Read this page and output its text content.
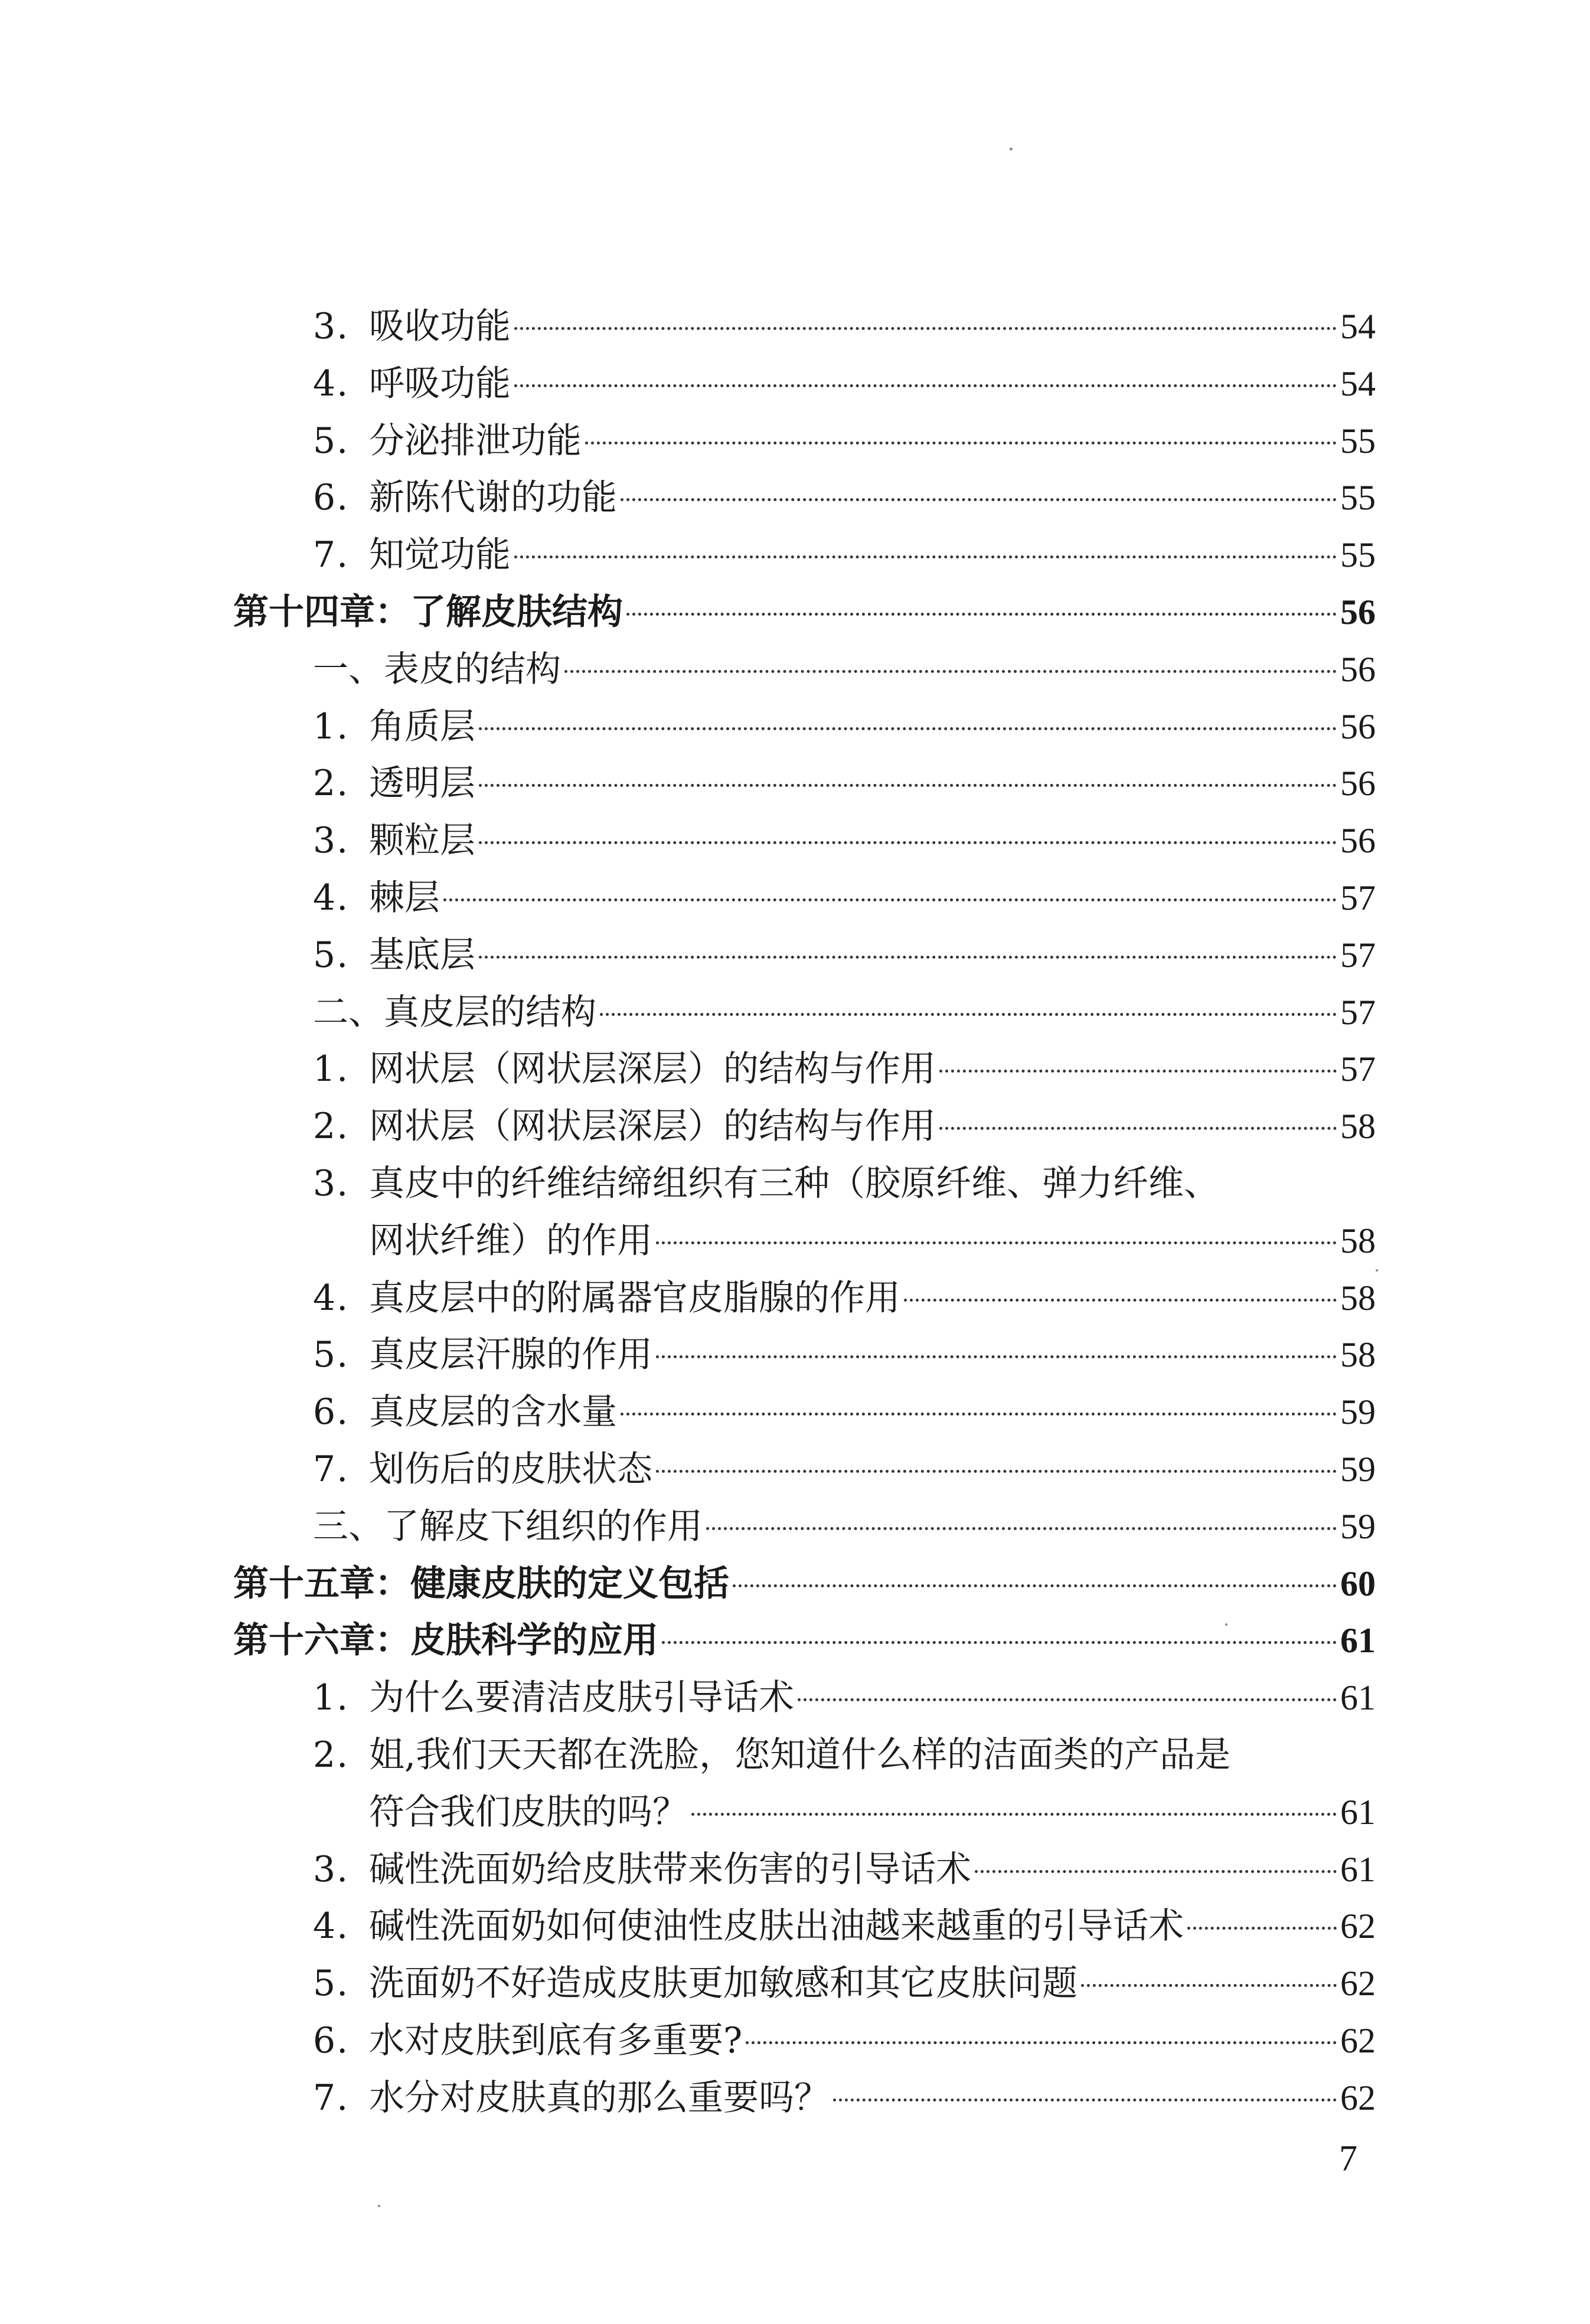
3. 吸收功能	54
4. 呼吸功能	54
5. 分泌排泄功能	55
6. 新陈代谢的功能	55
7. 知觉功能	55
第十四章：了解皮肤结构	56
一、表皮的结构	56
1. 角质层	56
2. 透明层	56
3. 颗粒层	56
4. 棘层	57
5. 基底层	57
二、真皮层的结构	57
1. 网状层（网状层深层）的结构与作用	57
2. 网状层（网状层深层）的结构与作用	58
3. 真皮中的纤维结缔组织有三种（胶原纤维、弹力纤维、
网状纤维）的作用	58
4. 真皮层中的附属器官皮脂腺的作用	58
5. 真皮层汗腺的作用	58
6. 真皮层的含水量	59
7. 划伤后的皮肤状态	59
三、了解皮下组织的作用	59
第十五章：健康皮肤的定义包括	60
第十六章：皮肤科学的应用	61
1. 为什么要清洁皮肤引导话术	61
2. 姐,我们天天都在洗脸，您知道什么样的洁面类的产品是
符合我们皮肤的吗？	61
3. 碱性洗面奶给皮肤带来伤害的引导话术	61
4. 碱性洗面奶如何使油性皮肤出油越来越重的引导话术	62
5. 洗面奶不好造成皮肤更加敏感和其它皮肤问题	62
6. 水对皮肤到底有多重要?	62
7. 水分对皮肤真的那么重要吗？	62
7
